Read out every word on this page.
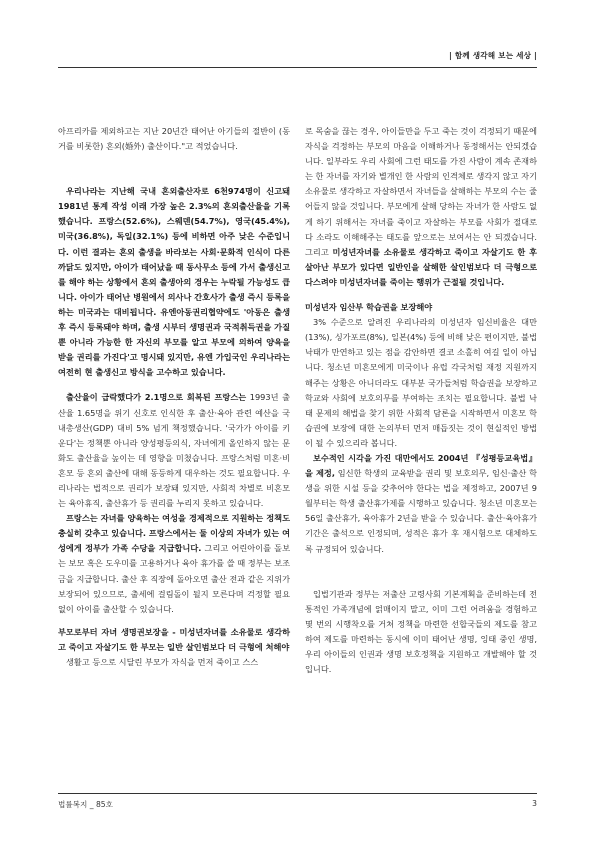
| 함께 생각해 보는 세상 |

아프리카를 제외하고는 지난 20년간 태어난 아기들의 절반이 (동거를 비롯한) 혼외(婚外) 출산이다."고 적었습니다.

우리나라는 지난해 국내 혼외출산자로 6천974명이 신고돼 1981년 통계 작성 이래 가장 높은 2.3%의 혼외출산율을 기록했습니다. 프랑스(52.6%), 스웨덴(54.7%), 영국(45.4%), 미국(36.8%), 독일(32.1%) 등에 비하면 아주 낮은 수준입니다. 이런 결과는 혼외 출생을 바라보는 사회·문화적 인식이 다른 까닭도 있지만, 아이가 태어났을 때 동사무소 등에 가서 출생신고를 해야 하는 상황에서 혼외 출생아의 경우는 누락될 가능성도 큽니다. 아이가 태어난 병원에서 의사나 간호사가 출생 즉시 등록을 하는 미국과는 대비됩니다. 유엔아동권리협약에도 '아동은 출생 후 즉시 등록돼야 하며, 출생 시부터 생명권과 국적취득권을 가질 뿐 아니라 가능한 한 자신의 부모를 알고 부모에 의하여 양육을 받을 권리를 가진다'고 명시돼 있지만, 유엔 가입국인 우리나라는 여전히 현 출생신고 방식을 고수하고 있습니다.

출산율이 급락했다가 2.1명으로 회복된 프랑스는 1993년 출산율 1.65명을 위기 신호로 인식한 후 출산·육아 관련 예산을 국내총생산(GDP) 대비 5% 넘게 책정했습니다. '국가가 아이를 키운다'는 정책뿐 아니라 양성평등의식, 자녀에게 올인하지 않는 문화도 출산율을 높이는 데 영향을 미쳤습니다. 프랑스처럼 미혼·비혼모 등 혼외 출산에 대해 동등하게 대우하는 것도 필요합니다. 우리나라는 법적으로 권리가 보장돼 있지만, 사회적 차별로 비혼모는 육아휴직, 출산휴가 등 권리를 누리지 못하고 있습니다.

프랑스는 자녀를 양육하는 여성을 경제적으로 지원하는 정책도 충실히 갖추고 있습니다. 프랑스에서는 둘 이상의 자녀가 있는 여성에게 정부가 가족 수당을 지급합니다. 그리고 어린아이를 돌보는 보모 혹은 도우미를 고용하거나 육아 휴가를 쓸 때 정부는 보조금을 지급합니다. 출산 후 직장에 돌아오면 출산 전과 같은 지위가 보장되어 있으므로, 출세에 걸림돌이 될지 모른다며 걱정할 필요 없이 아이를 출산할 수 있습니다.

부모로부터 자녀 생명권보장을 - 미성년자녀를 소유물로 생각하고 죽이고 자살기도 한 부모는 일반 살인범보다 더 극형에 처해야

생활고 등으로 시달린 부모가 자식을 먼저 죽이고 스스

로 목숨을 끊는 경우, 아이들만을 두고 죽는 것이 걱정되기 때문에 자식을 걱정하는 부모의 마음을 이해하거나 동정해서는 안되겠습니다. 일부라도 우리 사회에 그런 태도를 가진 사람이 계속 존재하는 한 자녀를 자기와 별개인 한 사람의 인격체로 생각지 않고 자기 소유물로 생각하고 자살하면서 자녀들을 살해하는 부모의 수는 줄어들지 않을 것입니다. 부모에게 살해 당하는 자녀가 한 사람도 없게 하기 위해서는 자녀를 죽이고 자살하는 부모를 사회가 절대로 다 소라도 이해해주는 태도를 앞으로는 보여서는 안 되겠습니다. 그리고 미성년자녀를 소유물로 생각하고 죽이고 자살기도 한 후 살아난 부모가 있다면 일반인을 살해한 살인범보다 더 극형으로 다스려야 미성년자녀를 죽이는 행위가 근절될 것입니다.

미성년자 임산부 학습권을 보장해야

3% 수준으로 알려진 우리나라의 미성년자 임신비율은 대만(13%), 싱가포르(8%), 일본(4%) 등에 비해 낮은 편이지만, 불법 낙태가 만연하고 있는 점을 감안하면 결코 소홀히 여길 일이 아닙니다. 청소년 미혼모에게 미국이나 유럽 각국처럼 재정 지원까지 해주는 상황은 아니더라도 대부분 국가들처럼 학습권을 보장하고 학교와 사회에 보호의무를 부여하는 조치는 필요합니다. 불법 낙태 문제의 해법을 찾기 위한 사회적 담론을 시작하면서 미혼모 학습권에 보장에 대한 논의부터 먼저 매듭짓는 것이 현실적인 방법이 될 수 있으리라 봅니다.

보수적인 시각을 가진 대만에서도 2004년 『성평등교육법』을 제정, 임신한 학생의 교육받을 권리 및 보호의무, 임신·출산 학생을 위한 시설 등을 갖추어야 한다는 법을 제정하고, 2007년 9월부터는 학생 출산휴가제를 시행하고 있습니다. 청소년 미혼모는 56일 출산휴가, 육아휴가 2년을 받을 수 있습니다. 출산·육아휴가 기간은 출석으로 인정되며, 성적은 휴가 후 재시험으로 대체하도록 규정되어 있습니다.

입법기관과 정부는 저출산 고령사회 기본계획을 준비하는데 전통적인 가족개념에 얽매이지 말고, 이미 그런 어려움을 경험하고 몇 번의 시행착오를 거쳐 정책을 마련한 선합국들의 제도를 참고하여 제도를 마련하는 동시에 이미 태어난 생명, 잉태 중인 생명, 우리 아이들의 인권과 생명 보호정책을 지원하고 개발해야 할 것입니다.

법률복지 _ 85호	3
